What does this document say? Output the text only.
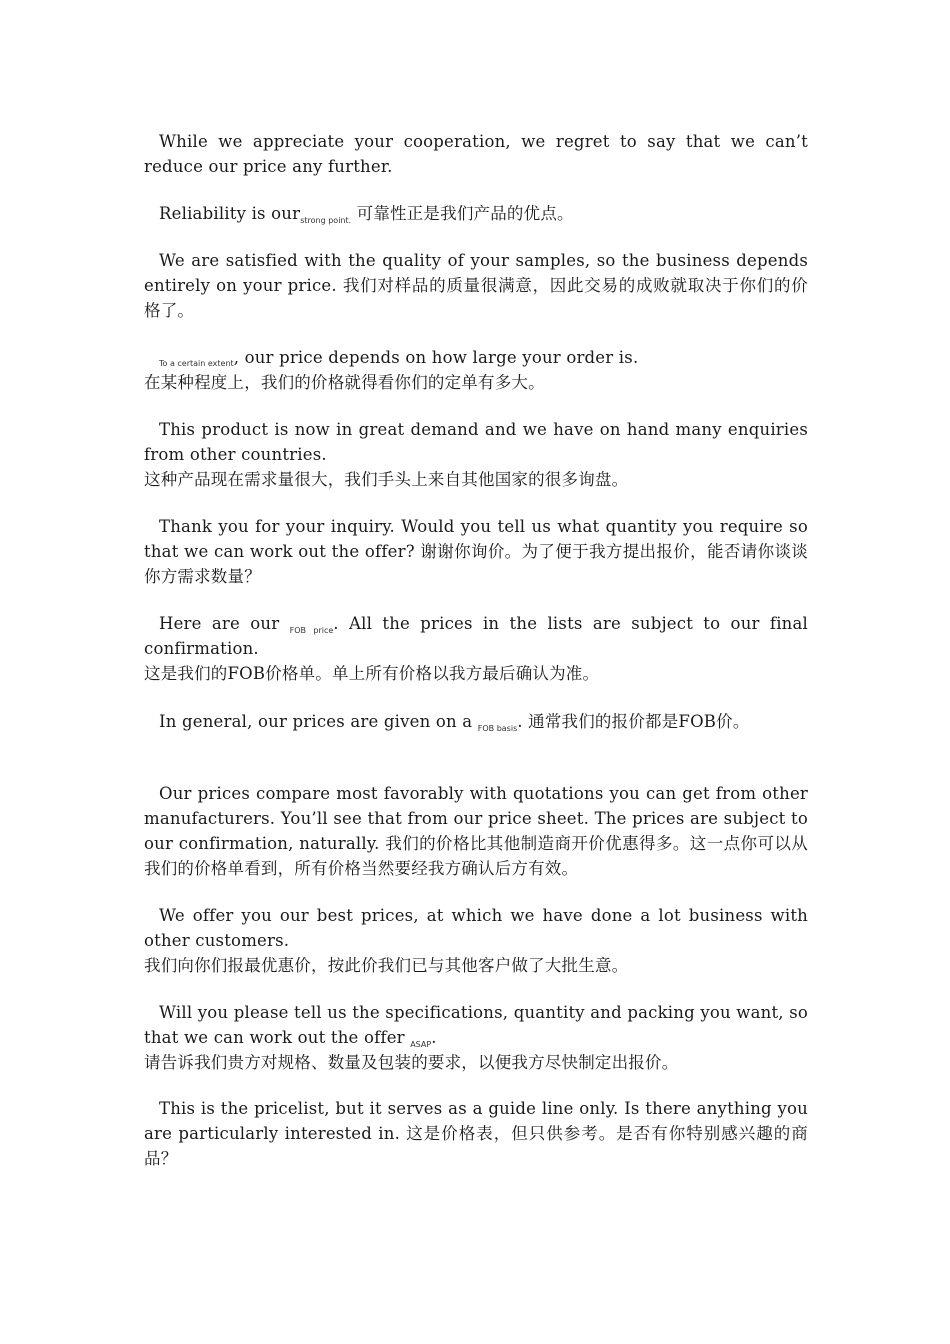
While we appreciate your cooperation, we regret to say that we can’t reduce our price any further.

Reliability is our$_{strong point.}$ 可靠性正是我们产品的优点。

We are satisfied with the quality of your samples, so the business depends entirely on your price. 我们对样品的质量很满意，因此交易的成败就取决于你们的价格了。

To a certain extent, our price depends on how large your order is.
在某种程度上，我们的价格就得看你们的定单有多大。

This product is now in great demand and we have on hand many enquiries from other countries.
这种产品现在需求量很大，我们手头上来自其他国家的很多询盘。

Thank you for your inquiry. Would you tell us what quantity you require so that we can work out the offer? 谢谢你询价。为了便于我方提出报价，能否请你谈谈你方需求数量？

Here are our $_{FOB price}$. All the prices in the lists are subject to our final confirmation.
这是我们的FOB价格单。单上所有价格以我方最后确认为准。

In general, our prices are given on a $_{FOB basis}$. 通常我们的报价都是FOB价。

Our prices compare most favorably with quotations you can get from other manufacturers. You’ll see that from our price sheet. The prices are subject to our confirmation, naturally. 我们的价格比其他制造商开价优惠得多。这一点你可以从我们的价格单看到，所有价格当然要经我方确认后方有效。

We offer you our best prices, at which we have done a lot business with other customers.
我们向你们报最优惠价，按此价我们已与其他客户做了大批生意。

Will you please tell us the specifications, quantity and packing you want, so that we can work out the offer $_{ASAP}$.
请告诉我们贵方对规格、数量及包装的要求，以便我方尽快制定出报价。

This is the pricelist, but it serves as a guide line only. Is there anything you are particularly interested in. 这是价格表，但只供参考。是否有你特别感兴趣的商品？
